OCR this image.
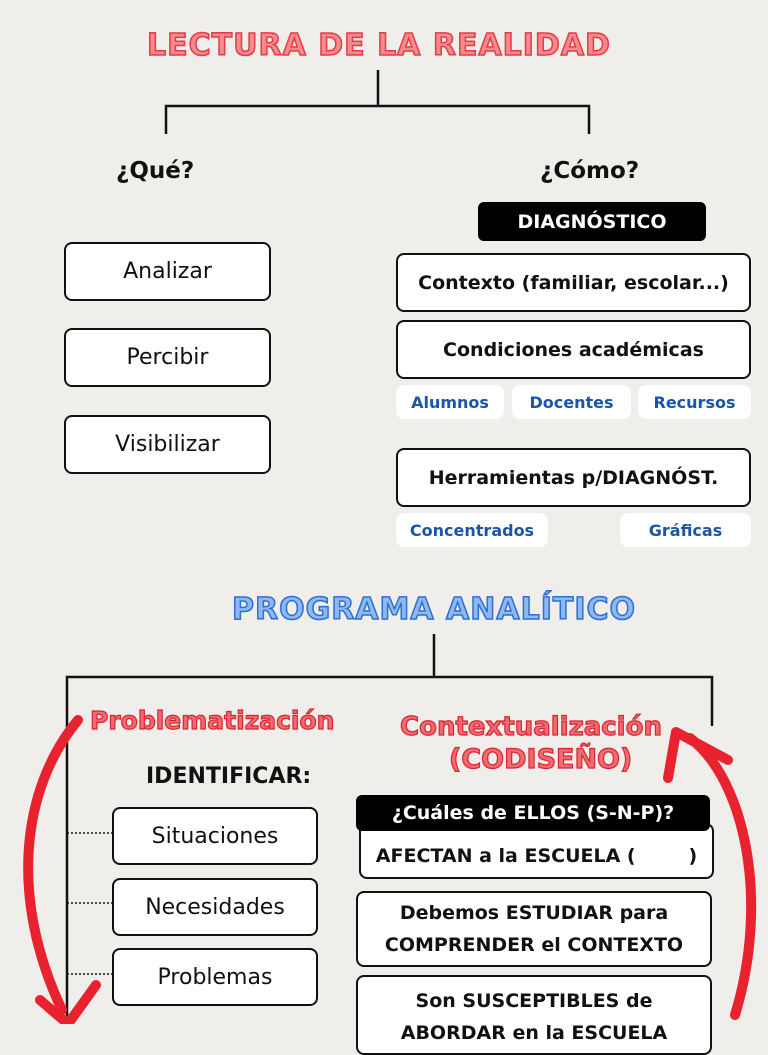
LECTURA DE LA REALIDAD
¿Qué?	¿Cómo?
Analizar
Percibir
Visibilizar
DIAGNÓSTICO
Contexto (familiar, escolar...)
Condiciones académicas
Alumnos	Docentes	Recursos
Herramientas p/DIAGNÓST.
Concentrados	Gráficas
PROGRAMA ANALÍTICO
Problematización	Contextualización
(CODISEÑO)
IDENTIFICAR:
Situaciones
Necesidades
Problemas
AFECTAN a la ESCUELA (        )
¿Cuáles de ELLOS (S-N-P)?
Debemos ESTUDIAR para
COMPRENDER el CONTEXTO
Son SUSCEPTIBLES de
ABORDAR en la ESCUELA
